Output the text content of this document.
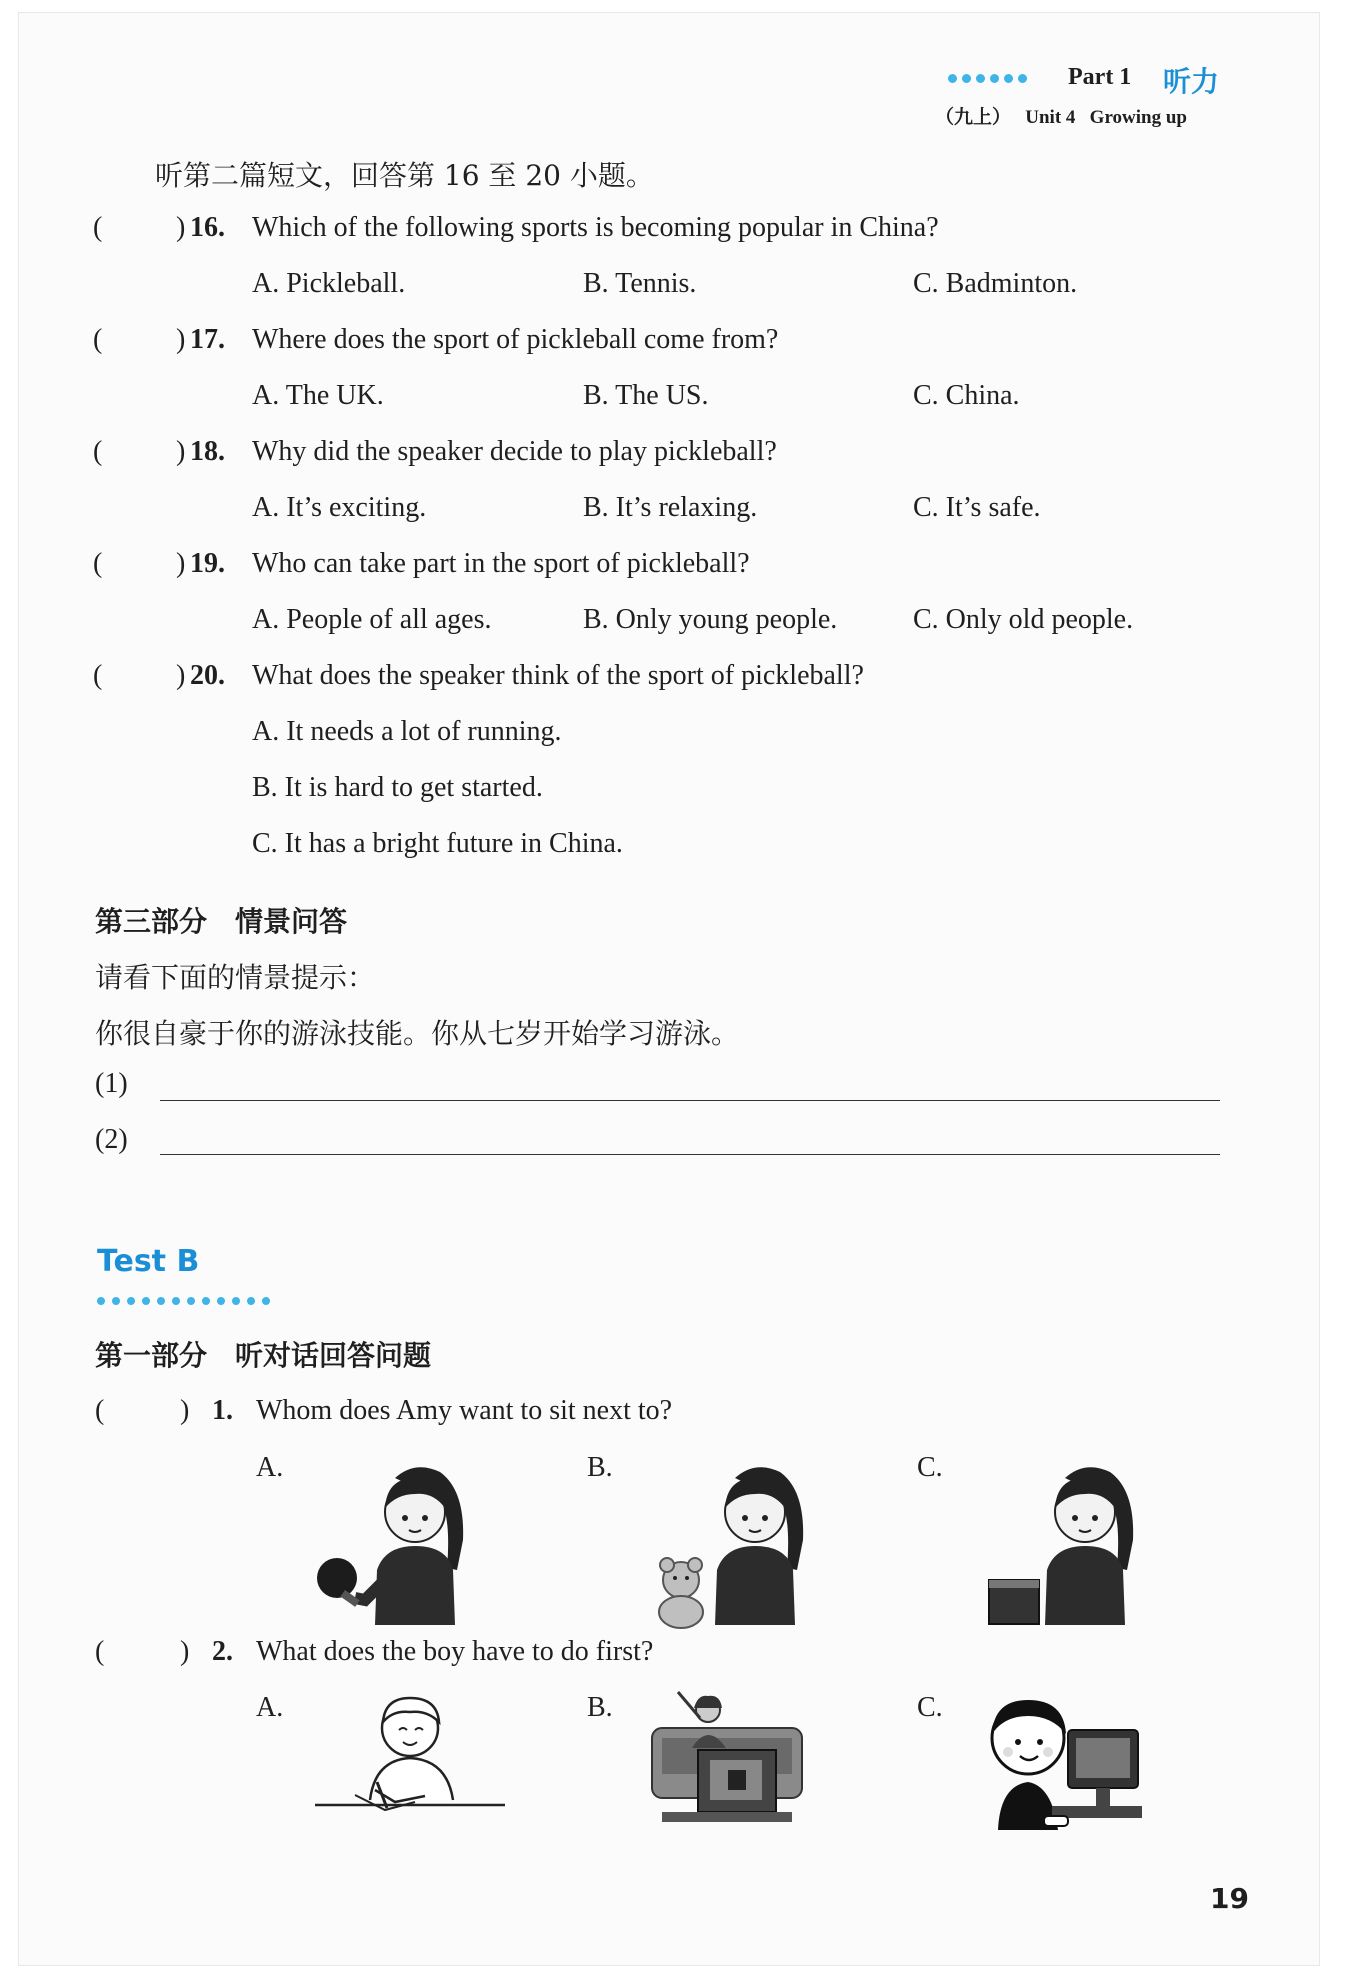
Part 1 听力
（九上） Unit 4 Growing up
听第二篇短文，回答第 16 至 20 小题。
(	) 16. Which of the following sports is becoming popular in China?
A. Pickleball.	B. Tennis.	C. Badminton.
(	) 17. Where does the sport of pickleball come from?
A. The UK.	B. The US.	C. China.
(	) 18. Why did the speaker decide to play pickleball?
A. It’s exciting.	B. It’s relaxing.	C. It’s safe.
(	) 19. Who can take part in the sport of pickleball?
A. People of all ages.	B. Only young people.	C. Only old people.
(	) 20. What does the speaker think of the sport of pickleball?
A. It needs a lot of running.
B. It is hard to get started.
C. It has a bright future in China.
第三部分　情景问答
请看下面的情景提示：
你很自豪于你的游泳技能。你从七岁开始学习游泳。
(1)
(2)
Test B
第一部分　听对话回答问题
(	) 1. Whom does Amy want to sit next to?
A.	B.	C.
(	) 2. What does the boy have to do first?
A.	B.	C.
19
